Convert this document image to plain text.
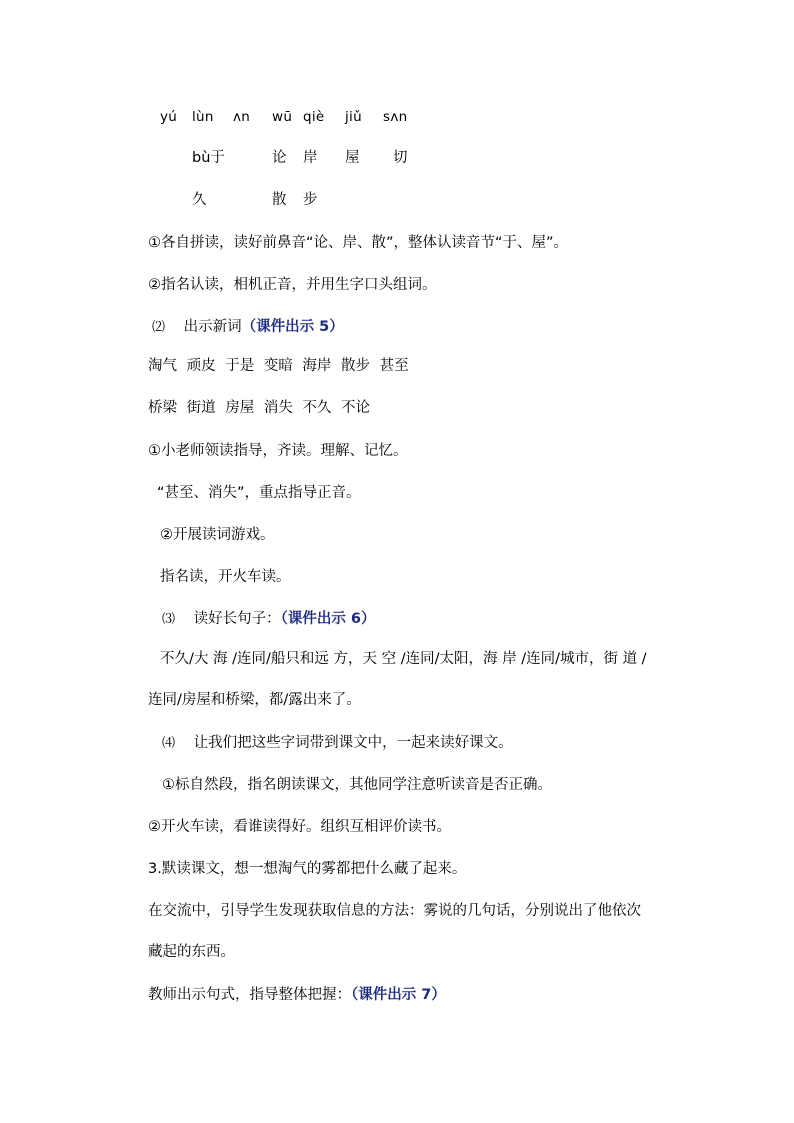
yú lùn ʌn wū qiè jiǔ sʌn
bù于	论 岸 屋 切
久	散 步
①各自拼读，读好前鼻音“论、岸、散”，整体认读音节“于、屋”。
②指名认读，相机正音，并用生字口头组词。
⑵ 出示新词（课件出示 5）
淘气 顽皮 于是 变暗 海岸 散步 甚至
桥梁 街道 房屋 消失 不久 不论
①小老师领读指导，齐读。理解、记忆。
“甚至、消失”，重点指导正音。
②开展读词游戏。
指名读，开火车读。
⑶ 读好长句子：（课件出示 6）
不久/大 海 /连同/船只和远 方，天 空 /连同/太阳，海 岸 /连同/城市，街 道 /
连同/房屋和桥梁，都/露出来了。
⑷ 让我们把这些字词带到课文中，一起来读好课文。
①标自然段，指名朗读课文，其他同学注意听读音是否正确。
②开火车读，看谁读得好。组织互相评价读书。
3.默读课文，想一想淘气的雾都把什么藏了起来。
在交流中，引导学生发现获取信息的方法：雾说的几句话，分别说出了他依次
藏起的东西。
教师出示句式，指导整体把握：（课件出示 7）
